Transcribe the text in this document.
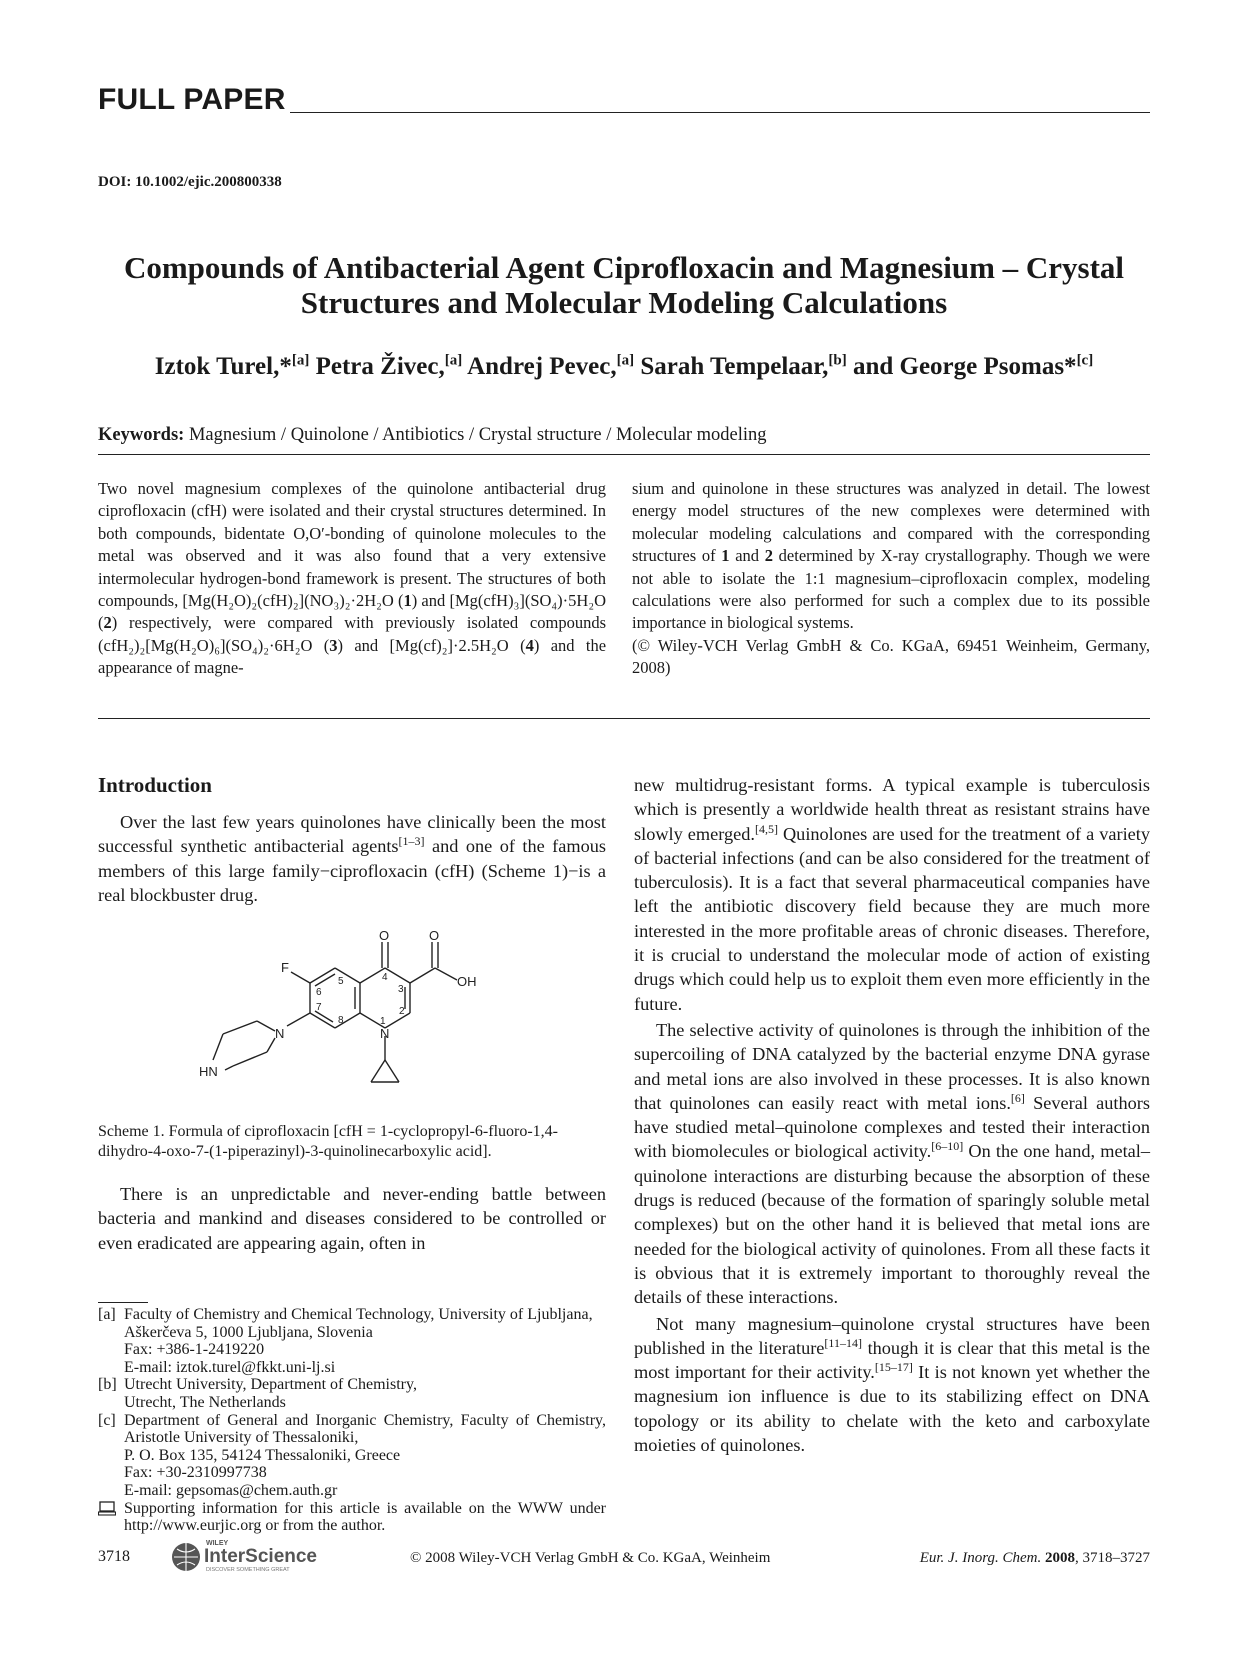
FULL PAPER
DOI: 10.1002/ejic.200800338
Compounds of Antibacterial Agent Ciprofloxacin and Magnesium – Crystal
Structures and Molecular Modeling Calculations
Iztok Turel,*[a] Petra Živec,[a] Andrej Pevec,[a] Sarah Tempelaar,[b] and George Psomas*[c]
Keywords: Magnesium / Quinolone / Antibiotics / Crystal structure / Molecular modeling

Two novel magnesium complexes of the quinolone antibacterial drug ciprofloxacin (cfH) were isolated and their crystal structures determined. In both compounds, bidentate O,O′-bonding of quinolone molecules to the metal was observed and it was also found that a very extensive intermolecular hydrogen-bond framework is present. The structures of both compounds, [Mg(H₂O)₂(cfH)₂](NO₃)₂·2H₂O (1) and [Mg(cfH)₃](SO₄)·5H₂O (2) respectively, were compared with previously isolated compounds (cfH₂)₂[Mg(H₂O)₆](SO₄)₂·6H₂O (3) and [Mg(cf)₂]·2.5H₂O (4) and the appearance of magne-

sium and quinolone in these structures was analyzed in detail. The lowest energy model structures of the new complexes were determined with molecular modeling calculations and compared with the corresponding structures of 1 and 2 determined by X-ray crystallography. Though we were not able to isolate the 1:1 magnesium–ciprofloxacin complex, modeling calculations were also performed for such a complex due to its possible importance in biological systems.

(© Wiley-VCH Verlag GmbH & Co. KGaA, 69451 Weinheim, Germany, 2008)

Introduction

Over the last few years quinolones have clinically been the most successful synthetic antibacterial agents[1–3] and one of the famous members of this large family−ciprofloxacin (cfH) (Scheme 1)−is a real blockbuster drug.

O	O
OH
F
N
N
HN
1
2
3
4
5
6
7
8
Scheme 1. Formula of ciprofloxacin [cfH = 1-cyclopropyl-6-fluoro-1,4-dihydro-4-oxo-7-(1-piperazinyl)-3-quinolinecarboxylic acid].

There is an unpredictable and never-ending battle between bacteria and mankind and diseases considered to be controlled or even eradicated are appearing again, often in

[a] Faculty of Chemistry and Chemical Technology, University of Ljubljana,
Aškerčeva 5, 1000 Ljubljana, Slovenia
Fax: +386-1-2419220
E-mail: iztok.turel@fkkt.uni-lj.si
[b] Utrecht University, Department of Chemistry,
Utrecht, The Netherlands
[c] Department of General and Inorganic Chemistry, Faculty of Chemistry, Aristotle University of Thessaloniki,
P. O. Box 135, 54124 Thessaloniki, Greece
Fax: +30-2310997738
E-mail: gepsomas@chem.auth.gr
Supporting information for this article is available on the WWW under http://www.eurjic.org or from the author.

new multidrug-resistant forms. A typical example is tuberculosis which is presently a worldwide health threat as resistant strains have slowly emerged.[4,5] Quinolones are used for the treatment of a variety of bacterial infections (and can be also considered for the treatment of tuberculosis). It is a fact that several pharmaceutical companies have left the antibiotic discovery field because they are much more interested in the more profitable areas of chronic diseases. Therefore, it is crucial to understand the molecular mode of action of existing drugs which could help us to exploit them even more efficiently in the future.

The selective activity of quinolones is through the inhibition of the supercoiling of DNA catalyzed by the bacterial enzyme DNA gyrase and metal ions are also involved in these processes. It is also known that quinolones can easily react with metal ions.[6] Several authors have studied metal–quinolone complexes and tested their interaction with biomolecules or biological activity.[6–10] On the one hand, metal–quinolone interactions are disturbing because the absorption of these drugs is reduced (because of the formation of sparingly soluble metal complexes) but on the other hand it is believed that metal ions are needed for the biological activity of quinolones. From all these facts it is obvious that it is extremely important to thoroughly reveal the details of these interactions.

Not many magnesium–quinolone crystal structures have been published in the literature[11–14] though it is clear that this metal is the most important for their activity.[15–17] It is not known yet whether the magnesium ion influence is due to its stabilizing effect on DNA topology or its ability to chelate with the keto and carboxylate moieties of quinolones.

3718
WILEY
InterScience
DISCOVER SOMETHING GREAT
© 2008 Wiley-VCH Verlag GmbH & Co. KGaA, Weinheim	Eur. J. Inorg. Chem. 2008, 3718–3727
